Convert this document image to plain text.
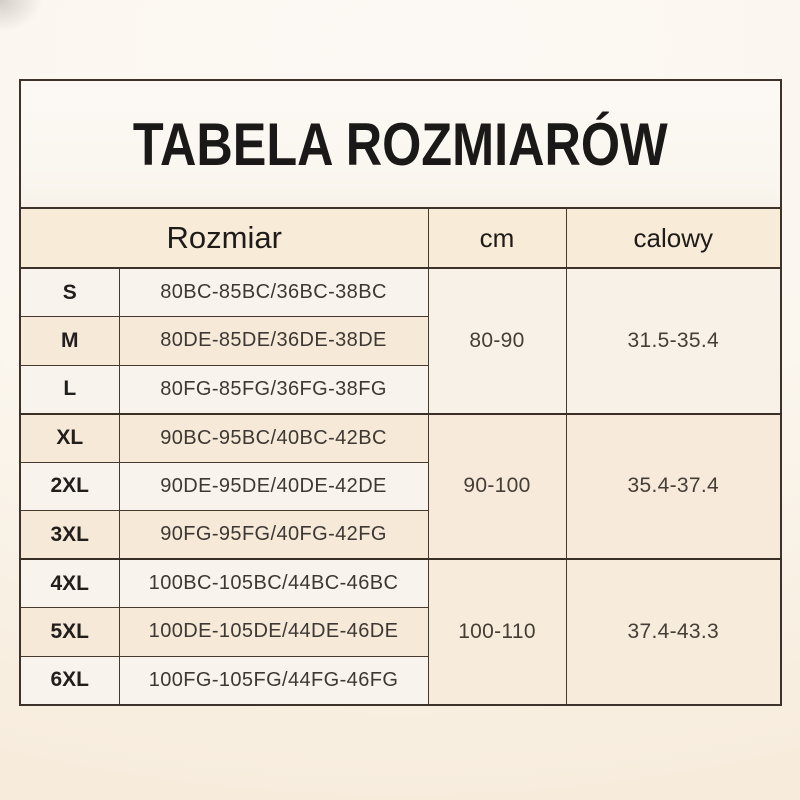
TABELA ROZMIARÓW			
Rozmiar		cm	calowy
S	80BC-85BC/36BC-38BC	80-90	31.5-35.4
M	80DE-85DE/36DE-38DE		
L	80FG-85FG/36FG-38FG		
XL	90BC-95BC/40BC-42BC	90-100	35.4-37.4
2XL	90DE-95DE/40DE-42DE		
3XL	90FG-95FG/40FG-42FG		
4XL	100BC-105BC/44BC-46BC	100-110	37.4-43.3
5XL	100DE-105DE/44DE-46DE		
6XL	100FG-105FG/44FG-46FG		
